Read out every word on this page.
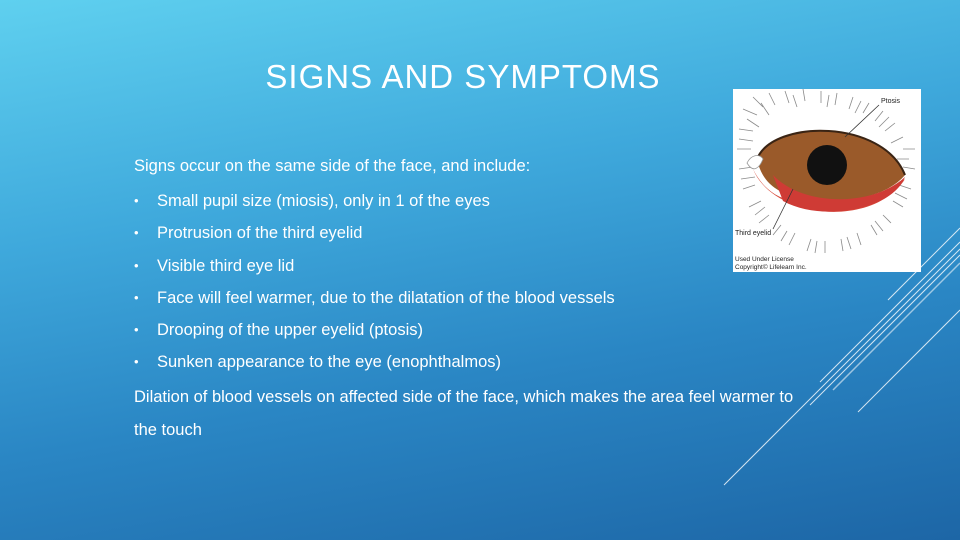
SIGNS AND SYMPTOMS

Signs occur on the same side of the face, and include:

• Small pupil size (miosis), only in 1 of the eyes
• Protrusion of the third eyelid
• Visible third eye lid
• Face will feel warmer, due to the dilatation of the blood vessels
• Drooping of the upper eyelid (ptosis)
• Sunken appearance to the eye (enophthalmos)

Dilation of blood vessels on affected side of the face, which makes the area feel warmer to the touch

Ptosis
Third eyelid
Used Under License
Copyright© Lifelearn Inc.
